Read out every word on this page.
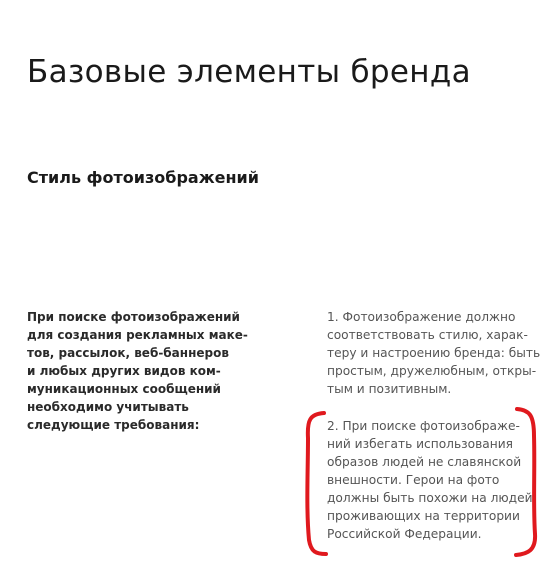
Базовые элементы бренда
Стиль фотоизображений

При поиске фотоизображений
для создания рекламных маке-
тов, рассылок, веб-баннеров
и любых других видов ком-
муникационных сообщений
необходимо учитывать
следующие требования:

1. Фотоизображение должно
соответствовать стилю, харак-
теру и настроению бренда: быть
простым, дружелюбным, откры-
тым и позитивным.

2. При поиске фотоизображе-
ний избегать использования
образов людей не славянской
внешности. Герои на фото
должны быть похожи на людей,
проживающих на территории
Российской Федерации.
